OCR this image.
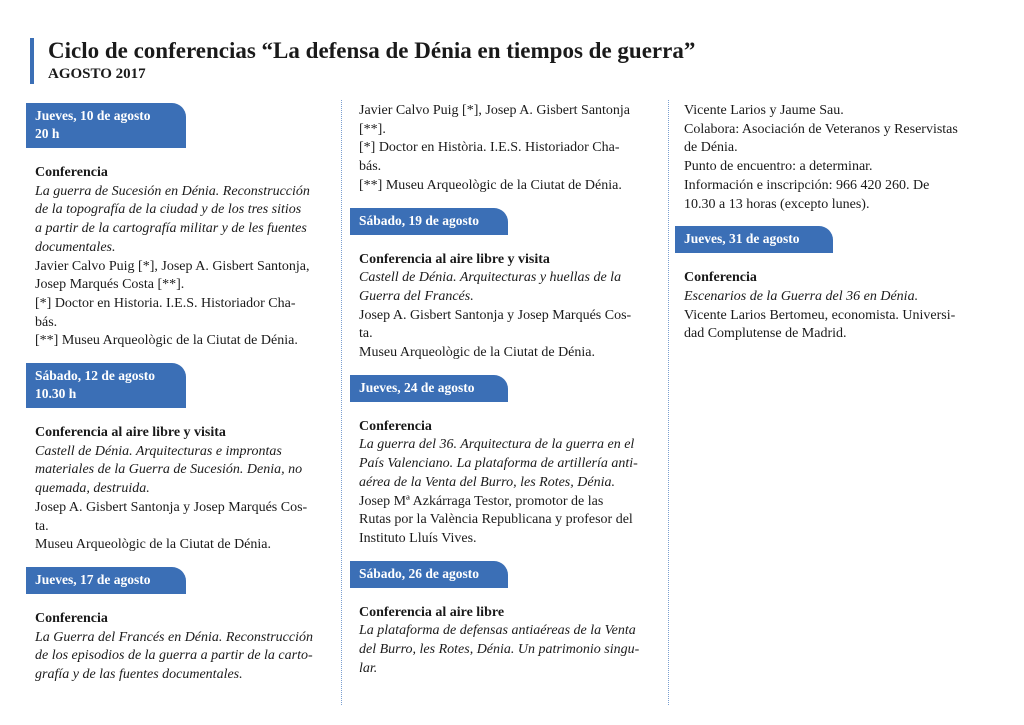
Ciclo de conferencias “La defensa de Dénia en tiempos de guerra”
AGOSTO 2017
Jueves, 10 de agosto
20 h
Conferencia
La guerra de Sucesión en Dénia. Reconstrucción
de la topografía de la ciudad y de los tres sitios
a partir de la cartografía militar y de les fuentes
documentales.
Javier Calvo Puig [*], Josep A. Gisbert Santonja,
Josep Marqués Costa [**].
[*] Doctor en Historia. I.E.S. Historiador Cha-
bás.
[**] Museu Arqueològic de la Ciutat de Dénia.
Sábado, 12 de agosto
10.30 h
Conferencia al aire libre y visita
Castell de Dénia. Arquitecturas e improntas
materiales de la Guerra de Sucesión. Denia, no
quemada, destruida.
Josep A. Gisbert Santonja y Josep Marqués Cos-
ta.
Museu Arqueològic de la Ciutat de Dénia.
Jueves, 17 de agosto
Conferencia
La Guerra del Francés en Dénia. Reconstrucción
de los episodios de la guerra a partir de la carto-
grafía y de las fuentes documentales.
Javier Calvo Puig [*], Josep A. Gisbert Santonja
[**].
[*] Doctor en Història. I.E.S. Historiador Cha-
bás.
[**] Museu Arqueològic de la Ciutat de Dénia.
Sábado, 19 de agosto
Conferencia al aire libre y visita
Castell de Dénia. Arquitecturas y huellas de la
Guerra del Francés.
Josep A. Gisbert Santonja y Josep Marqués Cos-
ta.
Museu Arqueològic de la Ciutat de Dénia.
Jueves, 24 de agosto
Conferencia
La guerra del 36. Arquitectura de la guerra en el
País Valenciano. La plataforma de artillería anti-
aérea de la Venta del Burro, les Rotes, Dénia.
Josep Mª Azkárraga Testor, promotor de las
Rutas por la València Republicana y profesor del
Instituto Lluís Vives.
Sábado, 26 de agosto
Conferencia al aire libre
La plataforma de defensas antiaéreas de la Venta
del Burro, les Rotes, Dénia. Un patrimonio singu-
lar.
Vicente Larios y Jaume Sau.
Colabora: Asociación de Veteranos y Reservistas
de Dénia.
Punto de encuentro: a determinar.
Información e inscripción: 966 420 260. De
10.30 a 13 horas (excepto lunes).
Jueves, 31 de agosto
Conferencia
Escenarios de la Guerra del 36 en Dénia.
Vicente Larios Bertomeu, economista. Universi-
dad Complutense de Madrid.
